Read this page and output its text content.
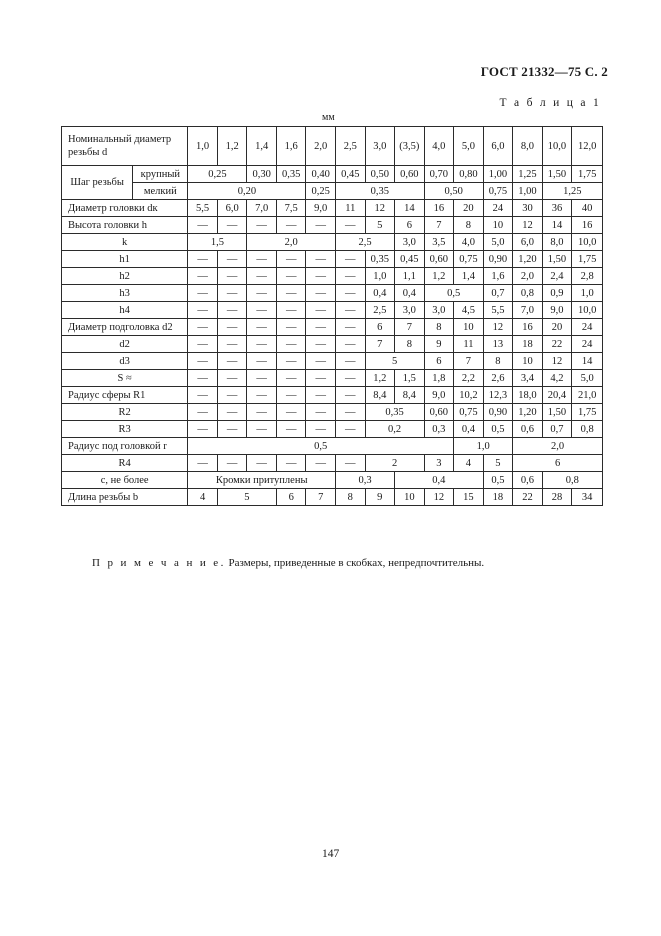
ГОСТ 21332—75 С. 2
Т а б л и ц а 1
мм
Номинальный диаметр резьбы d		1,0	1,2	1,4	1,6	2,0	2,5	3,0	(3,5)	4,0	5,0	6,0	8,0	10,0	12,0
Шаг резьбы	крупный	0,25		0,30	0,35	0,40	0,45	0,50	0,60	0,70	0,80	1,00	1,25	1,50	1,75
	мелкий	0,20				0,25	0,35			0,50		0,75	1,00	1,25	
Диаметр головки dк		5,5	6,0	7,0	7,5	9,0	11	12	14	16	20	24	30	36	40
Высота головки h		—	—	—	—	—	—	5	6	7	8	10	12	14	16
k		1,5		2,0			2,5		3,0	3,5	4,0	5,0	6,0	8,0	10,0
h1		—	—	—	—	—	—	0,35	0,45	0,60	0,75	0,90	1,20	1,50	1,75
h2		—	—	—	—	—	—	1,0	1,1	1,2	1,4	1,6	2,0	2,4	2,8
h3		—	—	—	—	—	—	0,4	0,4	0,5		0,7	0,8	0,9	1,0
h4		—	—	—	—	—	—	2,5	3,0	3,0	4,5	5,5	7,0	9,0	10,0
Диаметр подголовка d2		—	—	—	—	—	—	6	7	8	10	12	16	20	24
d2		—	—	—	—	—	—	7	8	9	11	13	18	22	24
d3		—	—	—	—	—	—	5		6	7	8	10	12	14
S ≈		—	—	—	—	—	—	1,2	1,5	1,8	2,2	2,6	3,4	4,2	5,0
Радиус сферы R1		—	—	—	—	—	—	8,4	8,4	9,0	10,2	12,3	18,0	20,4	21,0
R2		—	—	—	—	—	—	0,35		0,60	0,75	0,90	1,20	1,50	1,75
R3		—	—	—	—	—	—	0,2		0,3	0,4	0,5	0,6	0,7	0,8
Радиус под головкой r		0,5									1,0		2,0		
R4		—	—	—	—	—	—	2		3	4	5	6		
c, не более		Кромки притуплены					0,3		0,4			0,5	0,6	0,8	
Длина резьбы b		4	5		6	7	8	9	10	12	15	18	22	28	34
П р и м е ч а н и е. Размеры, приведенные в скобках, непредпочтительны.
147
